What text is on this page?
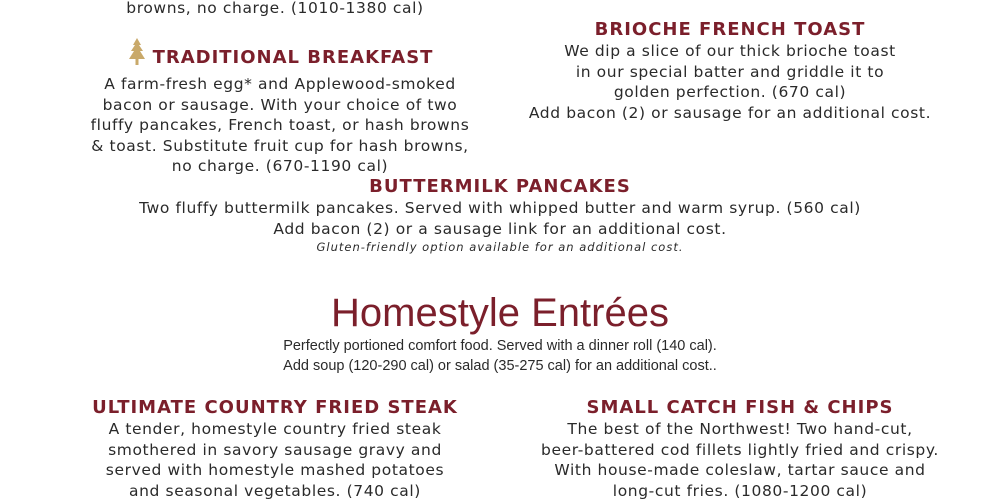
browns, no charge. (1010-1380 cal)
TRADITIONAL BREAKFAST
A farm-fresh egg* and Applewood-smoked
bacon or sausage. With your choice of two
fluffy pancakes, French toast, or hash browns
& toast. Substitute fruit cup for hash browns,
no charge. (670-1190 cal)
BRIOCHE FRENCH TOAST
We dip a slice of our thick brioche toast
in our special batter and griddle it to
golden perfection. (670 cal)
Add bacon (2) or sausage for an additional cost.
BUTTERMILK PANCAKES
Two fluffy buttermilk pancakes. Served with whipped butter and warm syrup. (560 cal)
Add bacon (2) or a sausage link for an additional cost.
Gluten-friendly option available for an additional cost.
Homestyle Entrées
Perfectly portioned comfort food. Served with a dinner roll (140 cal).
Add soup (120-290 cal) or salad (35-275 cal) for an additional cost..
ULTIMATE COUNTRY FRIED STEAK
A tender, homestyle country fried steak
smothered in savory sausage gravy and
served with homestyle mashed potatoes
and seasonal vegetables. (740 cal)
SMALL CATCH FISH & CHIPS
The best of the Northwest! Two hand-cut,
beer-battered cod fillets lightly fried and crispy.
With house-made coleslaw, tartar sauce and
long-cut fries. (1080-1200 cal)
